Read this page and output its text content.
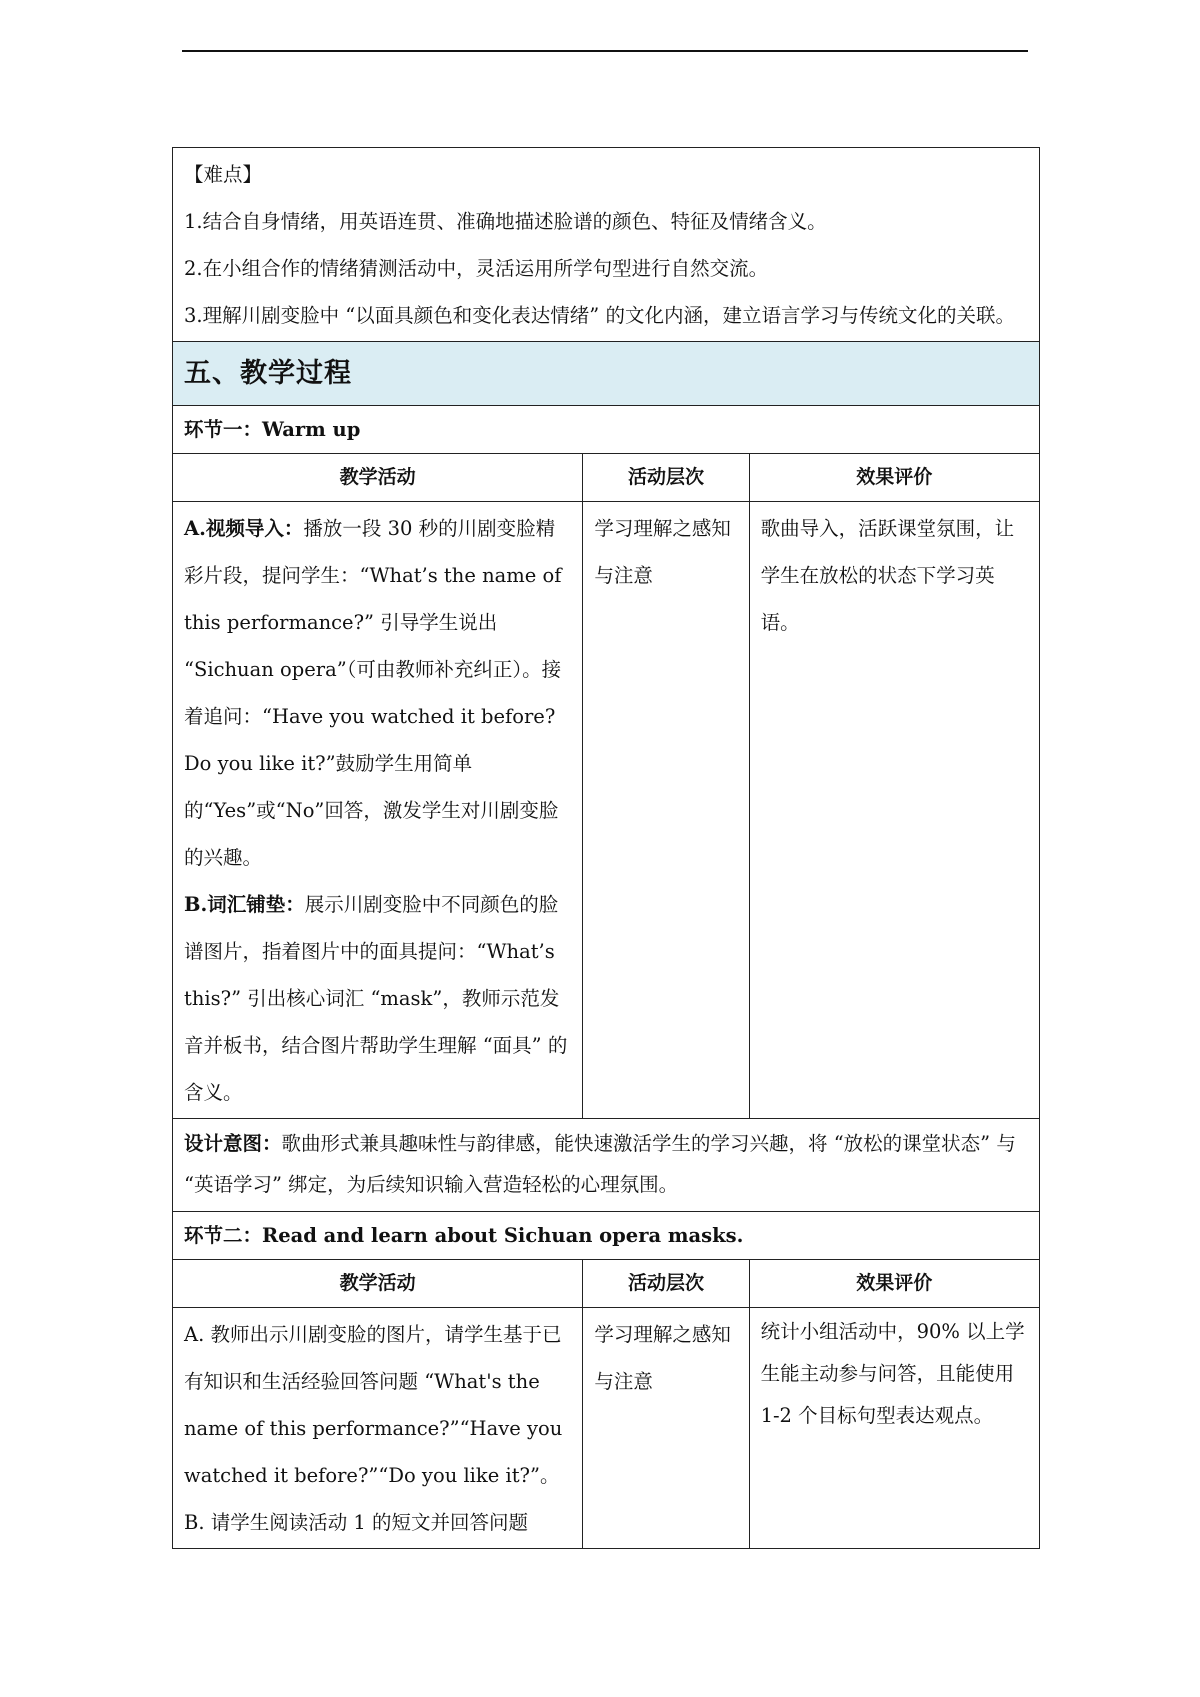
【难点】
1.结合自身情绪，用英语连贯、准确地描述脸谱的颜色、特征及情绪含义。
2.在小组合作的情绪猜测活动中，灵活运用所学句型进行自然交流。
3.理解川剧变脸中 “以面具颜色和变化表达情绪” 的文化内涵，建立语言学习与传统文化的关联。		

五、教学过程		
环节一：Warm up		
教学活动	活动层次	效果评价
A.视频导入：播放一段 30 秒的川剧变脸精彩片段，提问学生：“What’s the name of this performance?” 引导学生说出 “Sichuan opera”（可由教师补充纠正）。接着追问：“Have you watched it before? Do you like it?”鼓励学生用简单的“Yes”或“No”回答，激发学生对川剧变脸的兴趣。
B.词汇铺垫：展示川剧变脸中不同颜色的脸谱图片，指着图片中的面具提问：“What’s this?” 引出核心词汇 “mask”，教师示范发音并板书，结合图片帮助学生理解 “面具” 的含义。	学习理解之感知与注意	歌曲导入，活跃课堂氛围，让学生在放松的状态下学习英语。
设计意图：歌曲形式兼具趣味性与韵律感，能快速激活学生的学习兴趣，将 “放松的课堂状态” 与 “英语学习” 绑定，为后续知识输入营造轻松的心理氛围。		
环节二：Read and learn about Sichuan opera masks.		
教学活动	活动层次	效果评价

A. 教师出示川剧变脸的图片，请学生基于已有知识和生活经验回答问题 “What's the name of this performance?”“Have you watched it before?”“Do you like it?”。
B. 请学生阅读活动 1 的短文并回答问题	学习理解之感知与注意	统计小组活动中，90% 以上学生能主动参与问答，且能使用 1-2 个目标句型表达观点。
